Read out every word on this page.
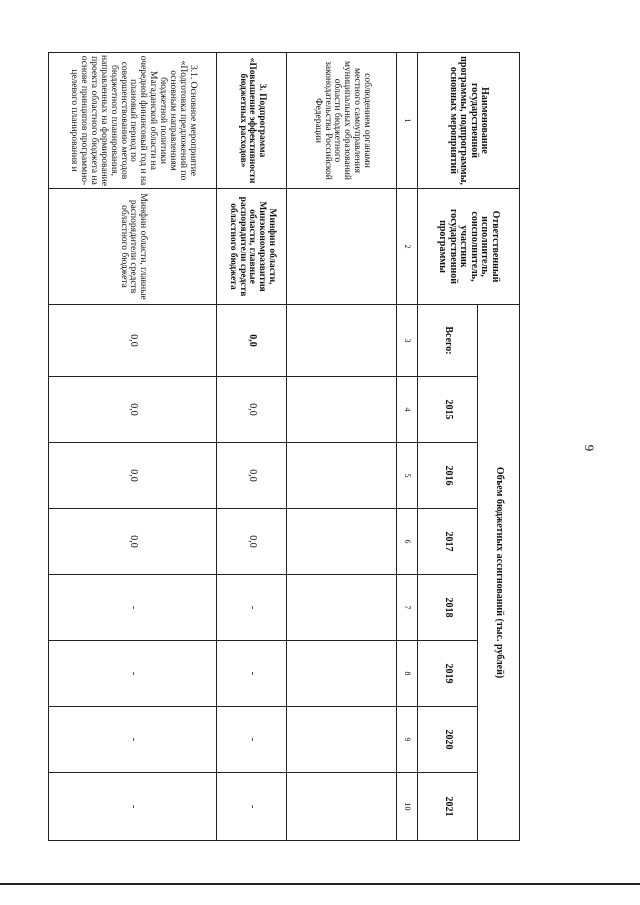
9
Наименование государственной программы, подпрограммы, основных мероприятий	Ответственный исполнитель, соисполнитель, участник государственной программы	Объем бюджетных ассигнований (тыс. рублей)							
		Всего:	2015	2016	2017	2018	2019	2020	2021
1	2	3	4	5	6	7	8	9	10
соблюдением органами местного самоуправления муниципальных образований области бюджетного законодательства Российской Федерации									
3. Подпрограмма «Повышение эффективности бюджетных расходов»	Минфин области, Минэкономразвития области, главные распорядители средств областного бюджета	0,0	0,0	0,0	0,0	-	-	-	-
3.1. Основное мероприятие «Подготовка предложений по основным направлениям бюджетной политики Магаданской области на очередной финансовый год и на плановый период по совершенствованию методов бюджетного планирования, направленных на формирование проекта областного бюджета на основе принципов программно-целевого планирования и	Минфин области, главные распорядители средств областного бюджета	0,0	0,0	0,0	0,0	-	-	-	-
